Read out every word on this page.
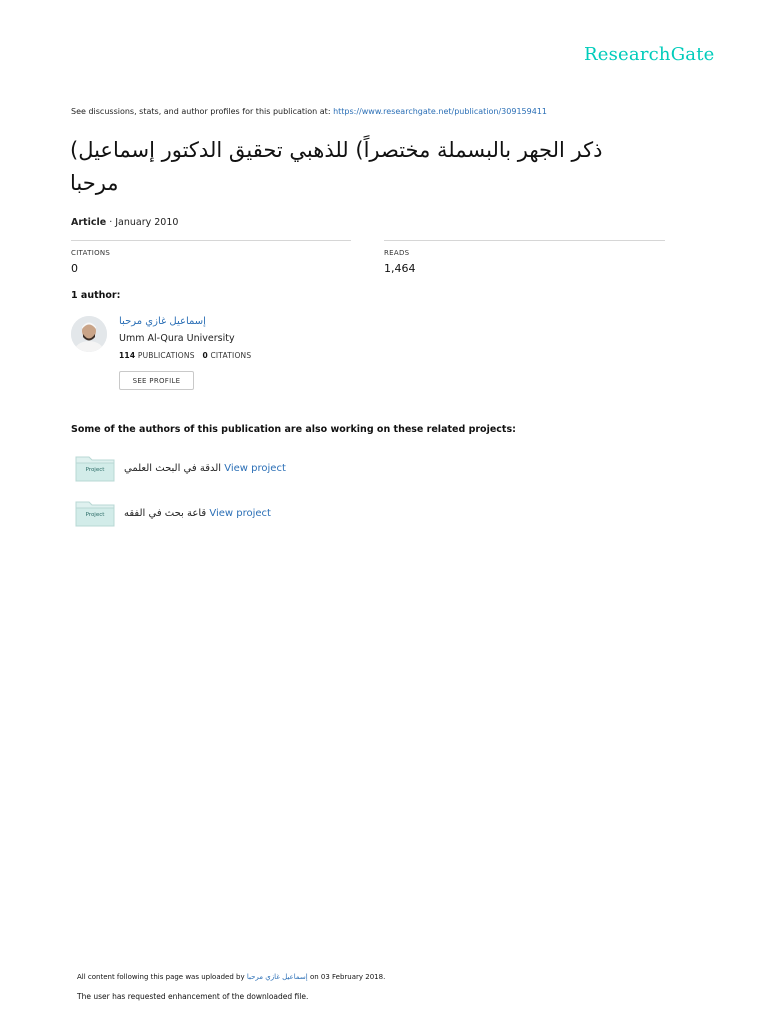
ResearchGate
See discussions, stats, and author profiles for this publication at: https://www.researchgate.net/publication/309159411
ذكر الجهر بالبسملة مختصراً) للذهبي تحقيق الدكتور إسماعيل)
مرحبا
Article · January 2010
CITATIONS
0
READS
1,464
1 author:
إسماعيل غازي مرحبا
Umm Al-Qura University
114 PUBLICATIONS 0 CITATIONS
SEE PROFILE
Some of the authors of this publication are also working on these related projects:
Project	الدقة في البحث العلمي View project
Project	قاعة بحث في الفقه View project
All content following this page was uploaded by إسماعيل غازي مرحبا on 03 February 2018.
The user has requested enhancement of the downloaded file.
